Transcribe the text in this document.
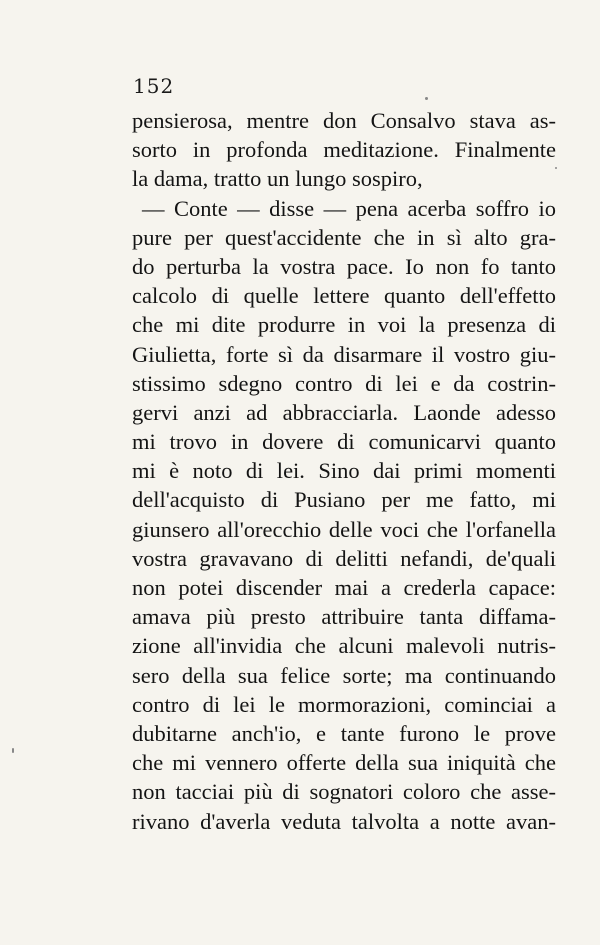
152
pensierosa, mentre don Consalvo stava as-
sorto in profonda meditazione. Finalmente
la dama, tratto un lungo sospiro,
— Conte — disse — pena acerba soffro io
pure per quest'accidente che in sì alto gra-
do perturba la vostra pace. Io non fo tanto
calcolo di quelle lettere quanto dell'effetto
che mi dite produrre in voi la presenza di
Giulietta, forte sì da disarmare il vostro giu-
stissimo sdegno contro di lei e da costrin-
gervi anzi ad abbracciarla. Laonde adesso
mi trovo in dovere di comunicarvi quanto
mi è noto di lei. Sino dai primi momenti
dell'acquisto di Pusiano per me fatto, mi
giunsero all'orecchio delle voci che l'orfanella
vostra gravavano di delitti nefandi, de'quali
non potei discender mai a crederla capace:
amava più presto attribuire tanta diffama-
zione all'invidia che alcuni malevoli nutris-
sero della sua felice sorte; ma continuando
contro di lei le mormorazioni, cominciai a
dubitarne anch'io, e tante furono le prove
che mi vennero offerte della sua iniquità che
non tacciai più di sognatori coloro che asse-
rivano d'averla veduta talvolta a notte avan-
